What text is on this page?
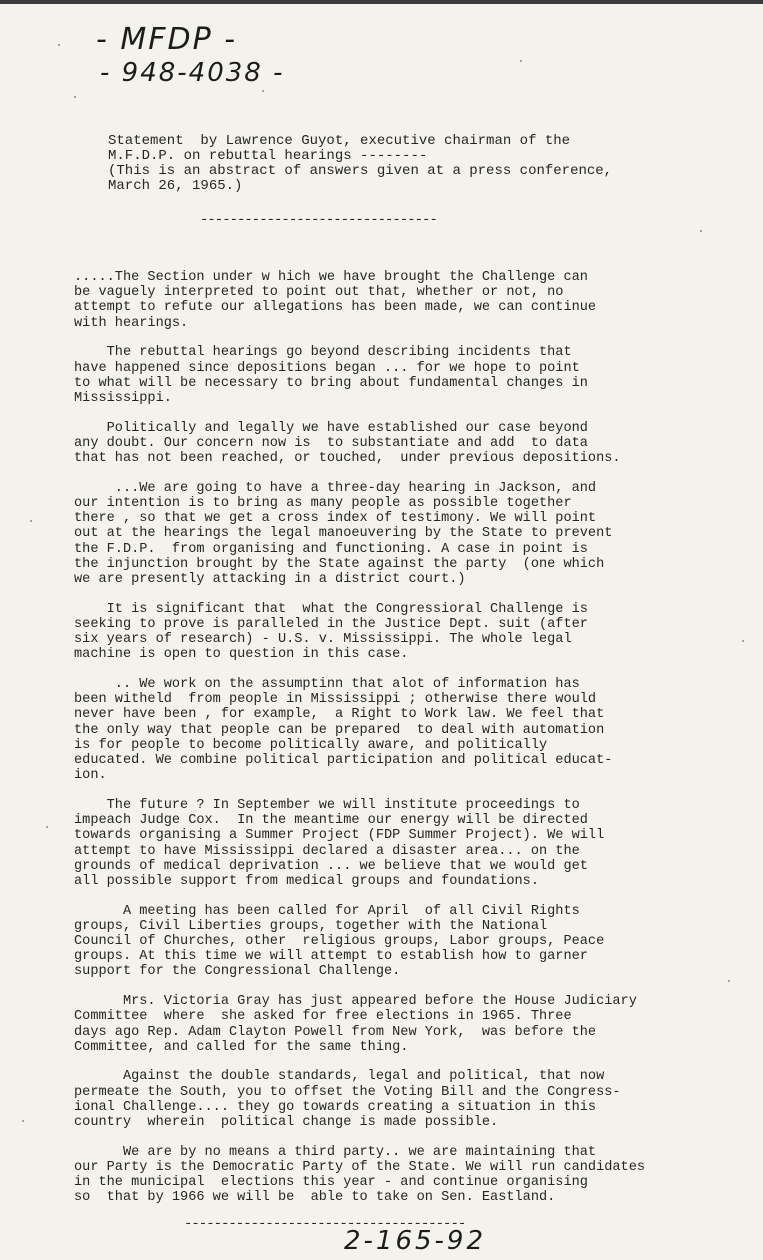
- MFDP -
- 948-4038 -
Statement  by Lawrence Guyot, executive chairman of the
M.F.D.P. on rebuttal hearings --------
(This is an abstract of answers given at a press conference,
March 26, 1965.)
--------------------------------

.....The Section under w hich we have brought the Challenge can
be vaguely interpreted to point out that, whether or not, no
attempt to refute our allegations has been made, we can continue
with hearings.

The rebuttal hearings go beyond describing incidents that
have happened since depositions began ... for we hope to point
to what will be necessary to bring about fundamental changes in
Mississippi.

Politically and legally we have established our case beyond
any doubt. Our concern now is  to substantiate and add  to data
that has not been reached, or touched,  under previous depositions.

...We are going to have a three-day hearing in Jackson, and
our intention is to bring as many people as possible together
there , so that we get a cross index of testimony. We will point
out at the hearings the legal manoeuvering by the State to prevent
the F.D.P.  from organising and functioning. A case in point is
the injunction brought by the State against the party  (one which
we are presently attacking in a district court.)

It is significant that  what the Congressioral Challenge is
seeking to prove is paralleled in the Justice Dept. suit (after
six years of research) - U.S. v. Mississippi. The whole legal
machine is open to question in this case.

.. We work on the assumptinn that alot of information has
been witheld  from people in Mississippi ; otherwise there would
never have been , for example,  a Right to Work law. We feel that
the only way that people can be prepared  to deal with automation
is for people to become politically aware, and politically
educated. We combine political participation and political educat-
ion.

The future ? In September we will institute proceedings to
impeach Judge Cox.  In the meantime our energy will be directed
towards organising a Summer Project (FDP Summer Project). We will
attempt to have Mississippi declared a disaster area... on the
grounds of medical deprivation ... we believe that we would get
all possible support from medical groups and foundations.

A meeting has been called for April  of all Civil Rights
groups, Civil Liberties groups, together with the National
Council of Churches, other  religious groups, Labor groups, Peace
groups. At this time we will attempt to establish how to garner
support for the Congressional Challenge.

Mrs. Victoria Gray has just appeared before the House Judiciary
Committee  where  she asked for free elections in 1965. Three
days ago Rep. Adam Clayton Powell from New York,  was before the
Committee, and called for the same thing.

Against the double standards, legal and political, that now
permeate the South, you to offset the Voting Bill and the Congress-
ional Challenge.... they go towards creating a situation in this
country  wherein  political change is made possible.

We are by no means a third party.. we are maintaining that
our Party is the Democratic Party of the State. We will run candidates
in the municipal  elections this year - and continue organising
so  that by 1966 we will be  able to take on Sen. Eastland.

--------------------------------------
2-165-92
